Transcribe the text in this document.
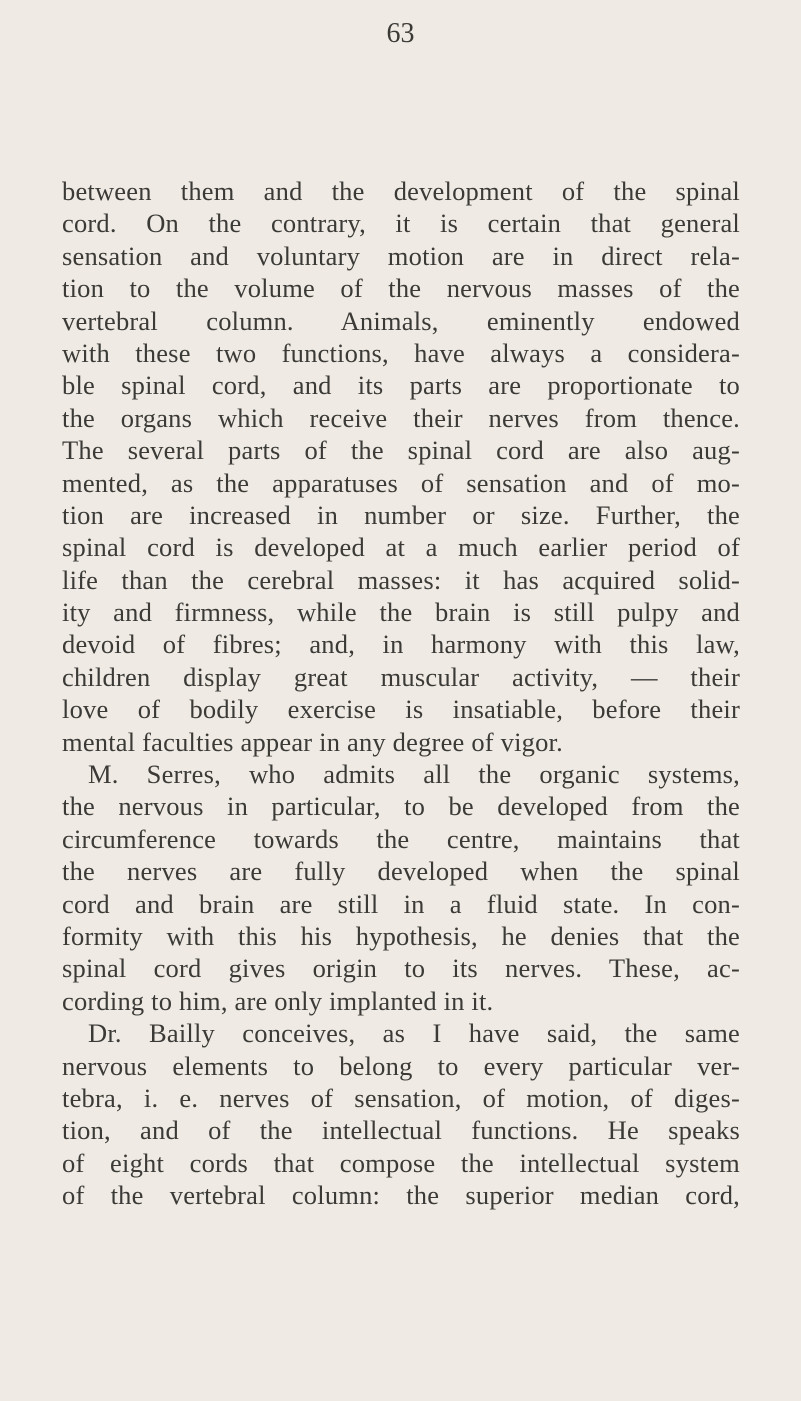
63
between them and the development of the spinal
cord. On the contrary, it is certain that general
sensation and voluntary motion are in direct rela-
tion to the volume of the nervous masses of the
vertebral column. Animals, eminently endowed
with these two functions, have always a considera-
ble spinal cord, and its parts are proportionate to
the organs which receive their nerves from thence.
The several parts of the spinal cord are also aug-
mented, as the apparatuses of sensation and of mo-
tion are increased in number or size. Further, the
spinal cord is developed at a much earlier period of
life than the cerebral masses: it has acquired solid-
ity and firmness, while the brain is still pulpy and
devoid of fibres; and, in harmony with this law,
children display great muscular activity, — their
love of bodily exercise is insatiable, before their
mental faculties appear in any degree of vigor.
M. Serres, who admits all the organic systems,
the nervous in particular, to be developed from the
circumference towards the centre, maintains that
the nerves are fully developed when the spinal
cord and brain are still in a fluid state. In con-
formity with this his hypothesis, he denies that the
spinal cord gives origin to its nerves. These, ac-
cording to him, are only implanted in it.
Dr. Bailly conceives, as I have said, the same
nervous elements to belong to every particular ver-
tebra, i. e. nerves of sensation, of motion, of diges-
tion, and of the intellectual functions. He speaks
of eight cords that compose the intellectual system
of the vertebral column: the superior median cord,
